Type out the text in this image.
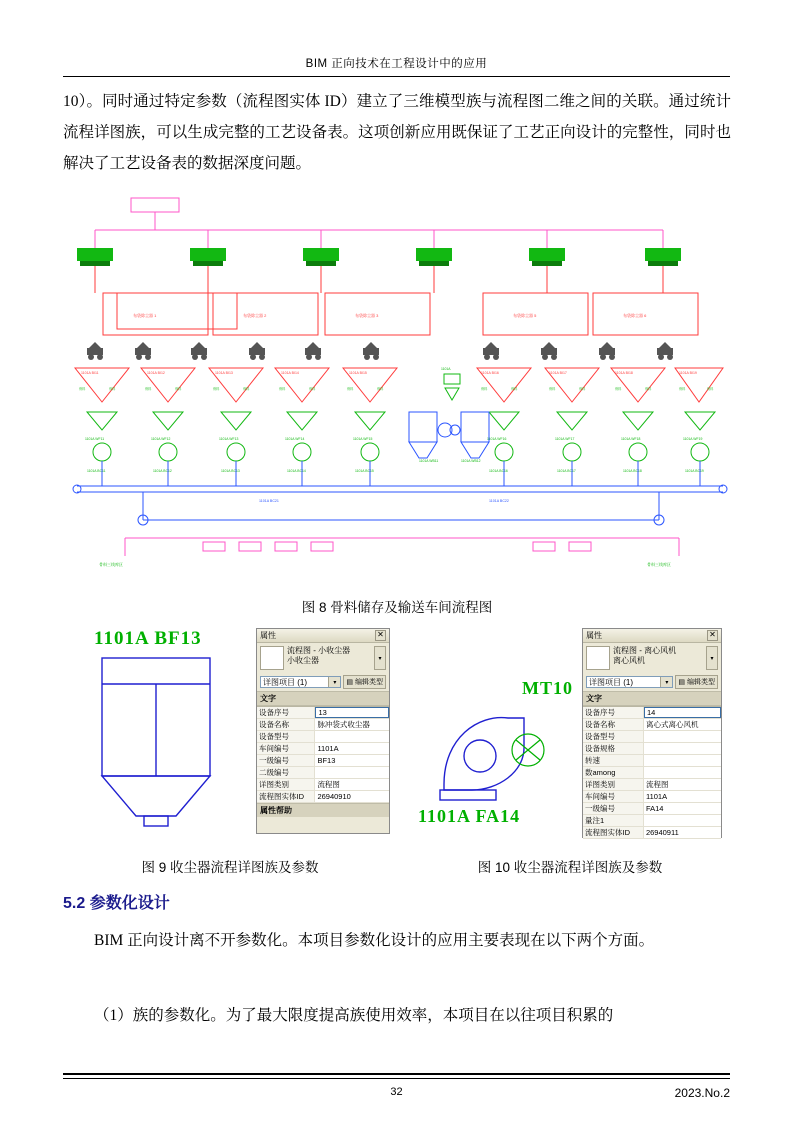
BIM 正向技术在工程设计中的应用
10）。同时通过特定参数（流程图实体 ID）建立了三维模型族与流程图二维之间的关联。通过统计流程详图族，可以生成完整的工艺设备表。这项创新应用既保证了工艺正向设计的完整性，同时也解决了工艺设备表的数据深度问题。
布袋除尘器 1	布袋除尘器 2	布袋除尘器 3	布袋除尘器 5	布袋除尘器 6
1101A BI11	1101A BI12	1101A BI13	1101A BI14	1101A BI15	1101A BI16	1101A BI17	1101A BI18	1101A BI19
骨料	骨料	骨料	骨料	骨料	骨料	骨料	骨料	骨料	骨料	骨料	骨料	骨料	骨料	骨料	骨料	骨料	骨料
1101A WF11	1101A WF12	1101A WF13	1101A WF14	1101A WF15	1101A WF16	1101A WF17	1101A WF18	1101A WF19
1101A BC11	1101A BC12	1101A BC13	1101A BC14	1101A BC15	1101A BC16	1101A BC17	1101A BC18	1101A BC19
1101A
1101A WB11	1101A WB12
1101A BC21	1101A BC22
骨料三线库区	骨料三线库区
图 8 骨料储存及输送车间流程图
1101A BF13	属性	✕
流程图 - 小收尘器
小收尘器	▾
详图项目 (1)	▾	▤ 编辑类型
文字
设备序号	13
设备名称	脉冲袋式收尘器
设备型号
车间编号	1101A
一级编号	BF13
二级编号
详图类别	流程图
流程图实体ID	26940910
属性帮助
MT10
1101A FA14
属性	✕
流程图 - 离心风机
离心风机	▾
详图项目 (1)	▾	▤ 编辑类型
文字
设备序号	14
设备名称	离心式离心风机
设备型号
设备规格
转速
数among
详图类别	流程图
车间编号	1101A
一级编号	FA14
量注1
流程图实体ID	26940911
图 9 收尘器流程详图族及参数	图 10 收尘器流程详图族及参数
5.2 参数化设计
BIM 正向设计离不开参数化。本项目参数化设计的应用主要表现在以下两个方面。
（1）族的参数化。为了最大限度提高族使用效率，本项目在以往项目积累的
32	2023.No.2
